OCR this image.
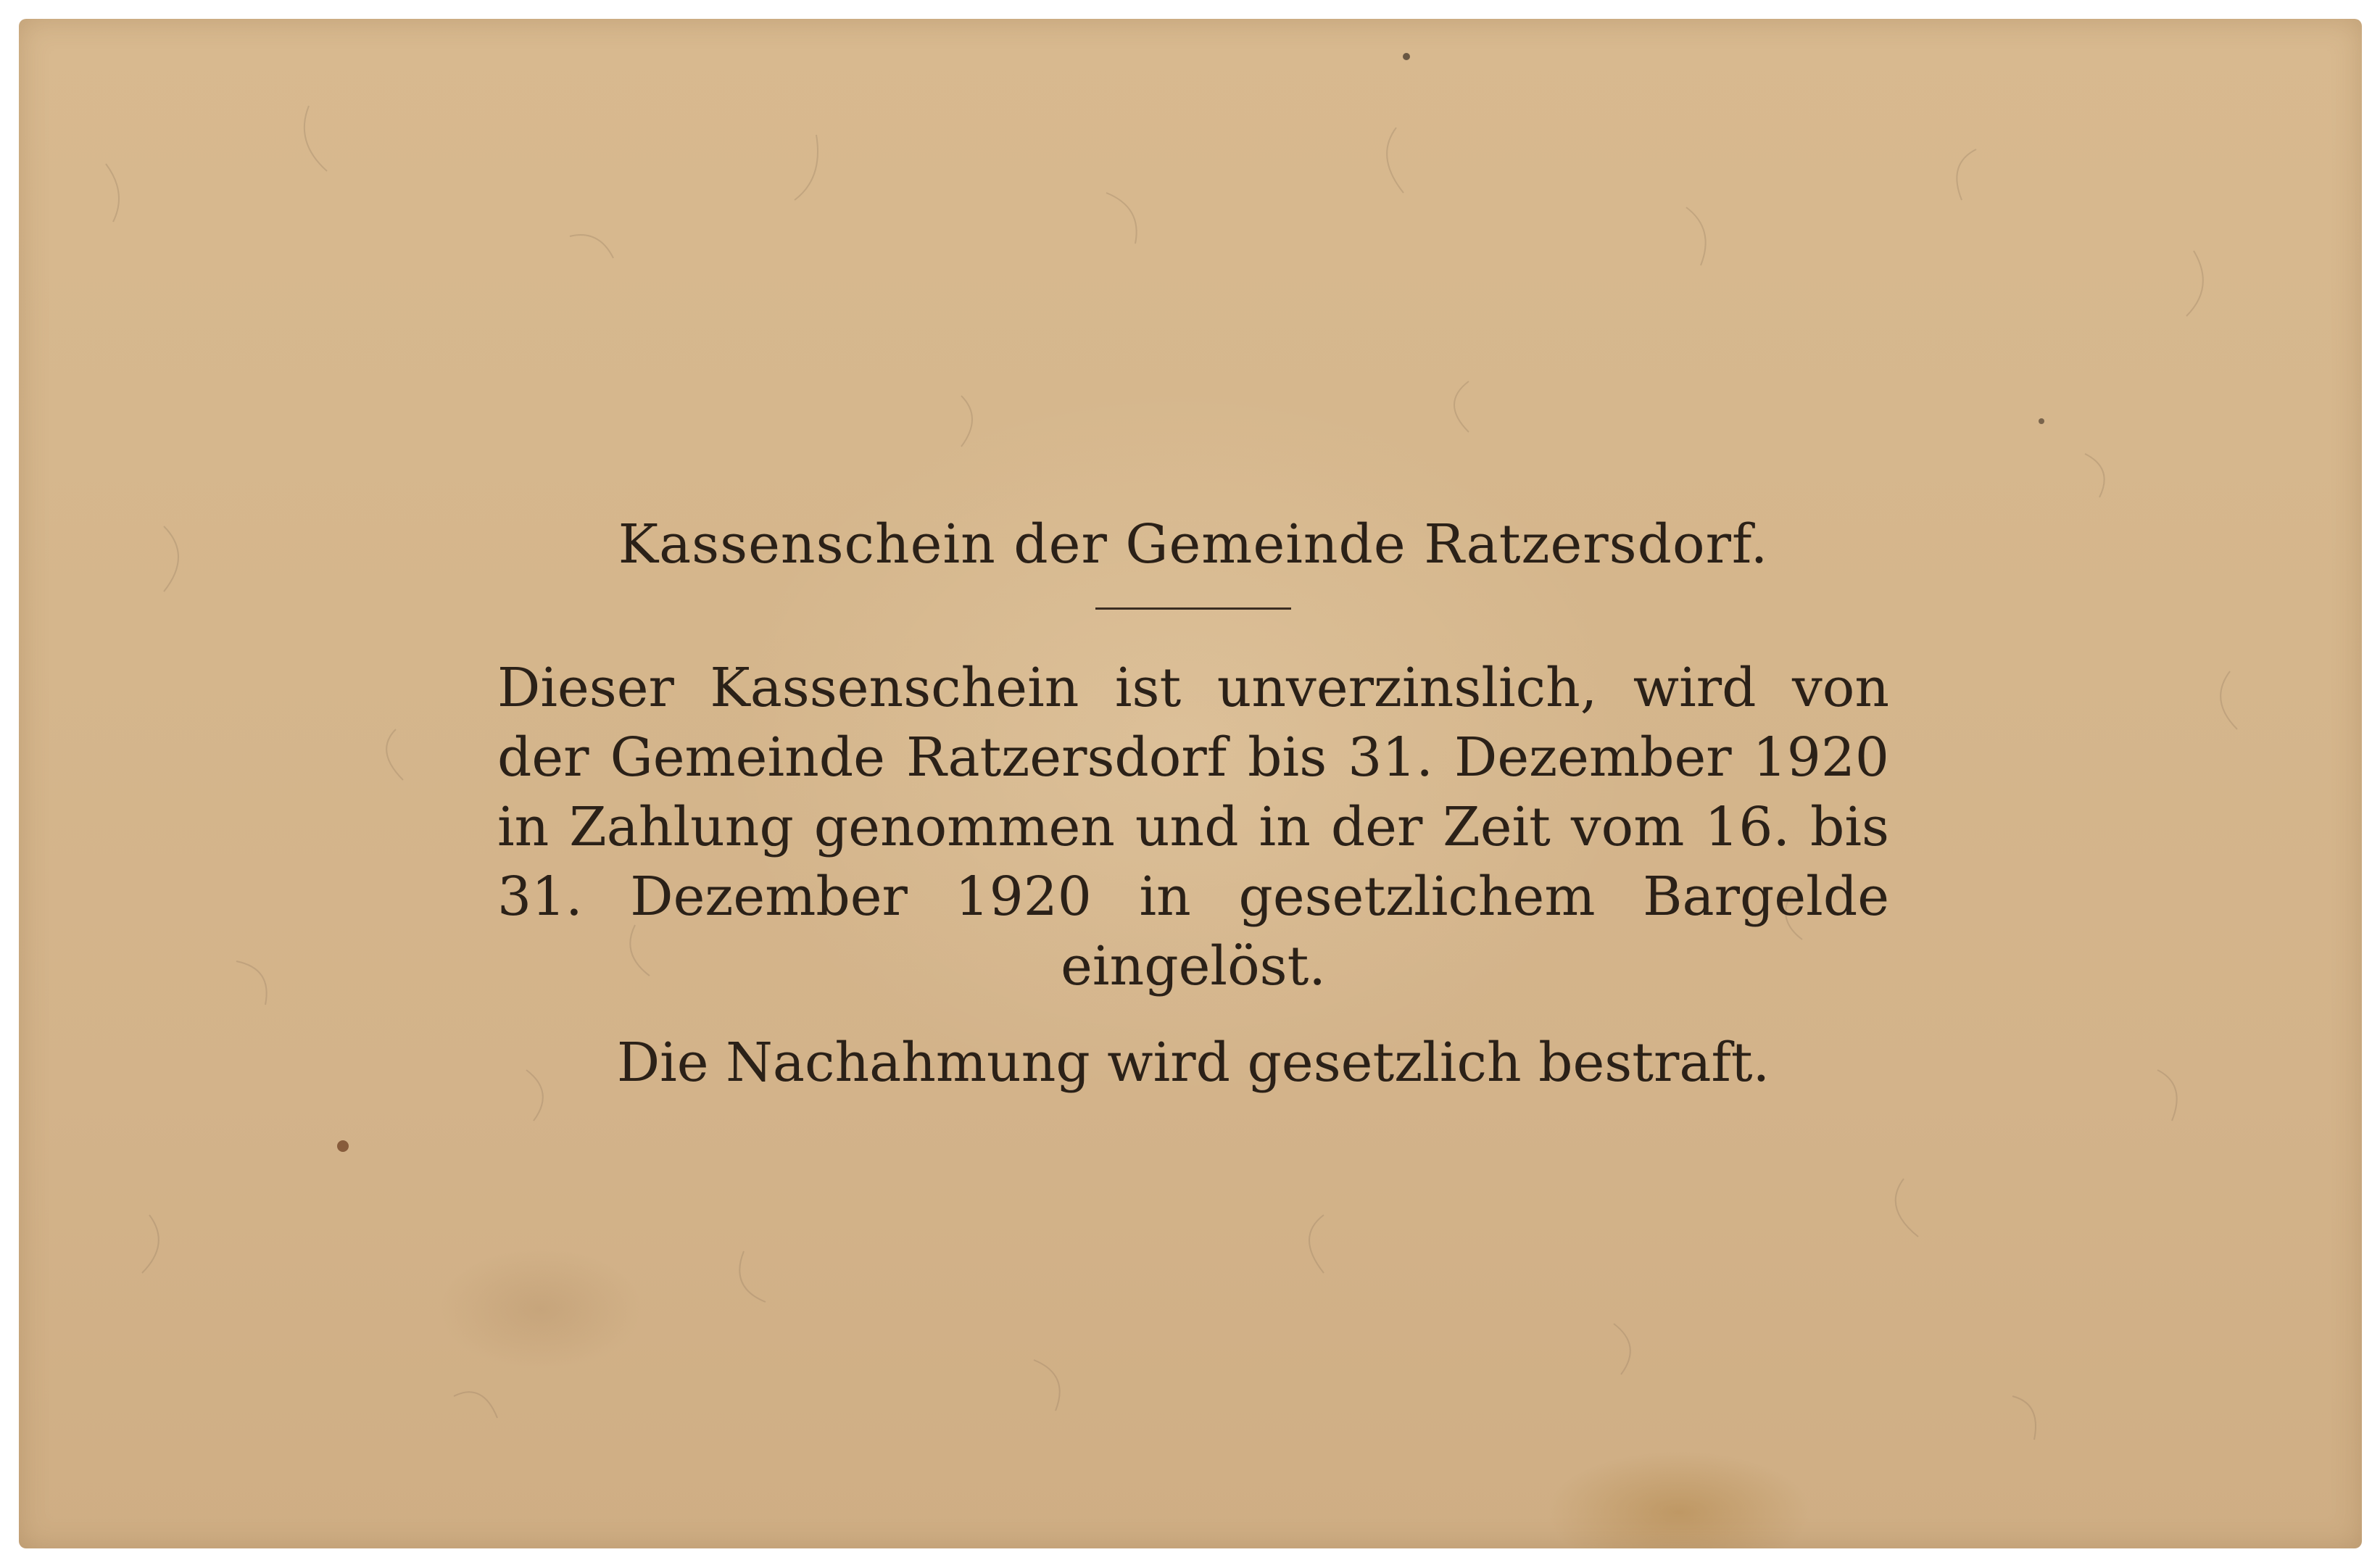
Kassenschein der Gemeinde Ratzersdorf.

Dieser Kassenschein ist unverzinslich, wird von der Gemeinde Ratzersdorf bis 31. Dezember 1920 in Zahlung genommen und in der Zeit vom 16. bis 31. Dezember 1920 in gesetzlichem Bargelde eingelöst.

Die Nachahmung wird gesetzlich bestraft.
